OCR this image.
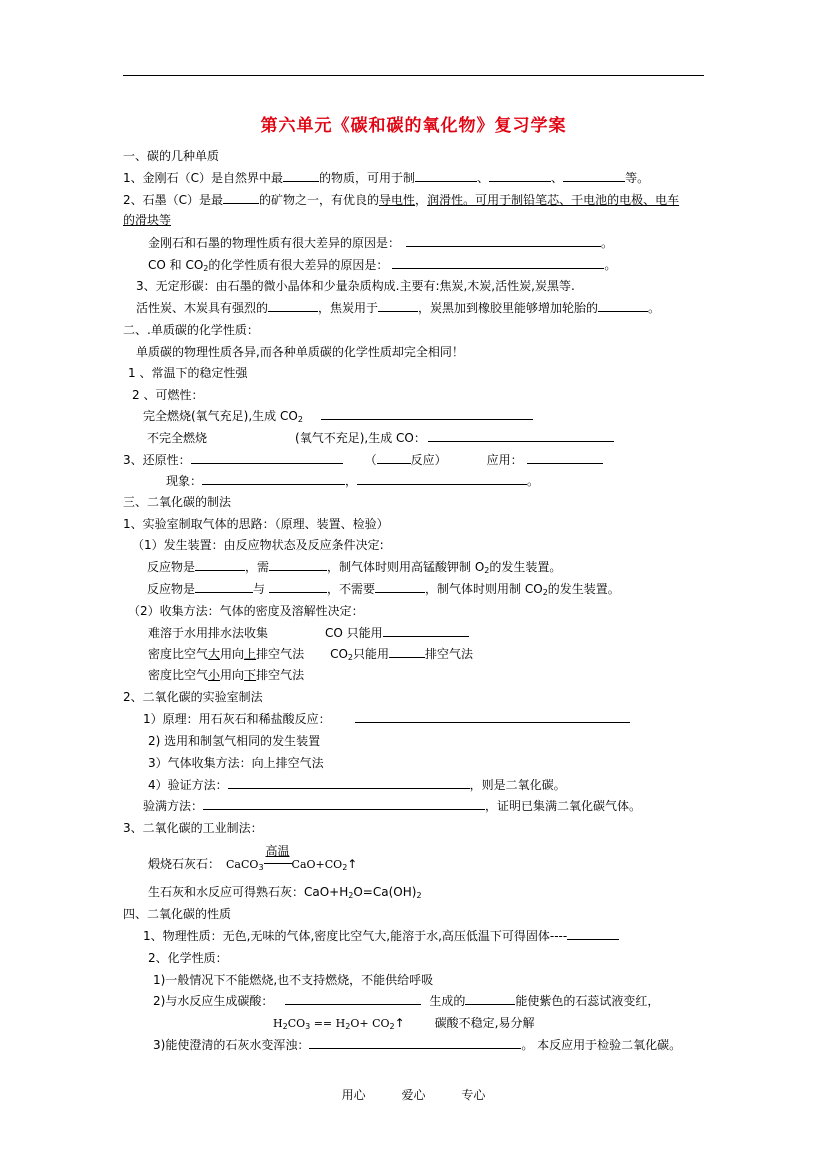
第六单元《碳和碳的氧化物》复习学案
一、碳的几种单质
1、金刚石（C）是自然界中最	的物质，可用于制	、	、	等。
2、石墨（C）是最	的矿物之一，有优良的导电性，润滑性。可用于制铅笔芯、干电池的电极、电车
的滑块等
金刚石和石墨的物理性质有很大差异的原因是：	。
CO 和 $CO_2$的化学性质有很大差异的原因是：	。
3、无定形碳：由石墨的微小晶体和少量杂质构成.主要有:焦炭,木炭,活性炭,炭黑等.
活性炭、木炭具有强烈的	，焦炭用于	，炭黑加到橡胶里能够增加轮胎的	。
二、.单质碳的化学性质：
单质碳的物理性质各异,而各种单质碳的化学性质却完全相同！
1 、常温下的稳定性强
2 、可燃性：
完全燃烧(氧气充足),生成 $CO_2$
不完全燃烧	(氧气不充足),生成 CO：
3、还原性：	（	反应）	应用：
现象：	，	。
三、二氧化碳的制法
1、实验室制取气体的思路：（原理、装置、检验）
（1）发生装置：由反应物状态及反应条件决定:
反应物是	，需	，制气体时则用高锰酸钾制 $O_2$的发生装置。
反应物是	与	，不需要	，制气体时则用制 $CO_2$的发生装置。
（2）收集方法：气体的密度及溶解性决定：
难溶于水用排水法收集	CO 只能用
密度比空气大用向上排空气法 $CO_2$只能用	排空气法
密度比空气小用向下排空气法
2、二氧化碳的实验室制法
1）原理：用石灰石和稀盐酸反应：
2) 选用和制氢气相同的发生装置
3）气体收集方法：向上排空气法
4）验证方法：	，则是二氧化碳。
验满方法：	，证明已集满二氧化碳气体。
3、二氧化碳的工业制法：
煅烧石灰石： CaCO$_3$
高温
$CaO+CO_2↑$
生石灰和水反应可得熟石灰：$CaO+H_2O=Ca(OH)_2$
四、二氧化碳的性质
1、物理性质：无色,无味的气体,密度比空气大,能溶于水,高压低温下可得固体----
2、化学性质：
1)一般情况下不能燃烧,也不支持燃烧，不能供给呼吸
2)与水反应生成碳酸：	生成的	能使紫色的石蕊试液变红，
$H_2CO_3 == H_2O+$ $CO_2↑$	碳酸不稳定,易分解
3)能使澄清的石灰水变浑浊：	。 本反应用于检验二氧化碳。
用心	爱心	专心
